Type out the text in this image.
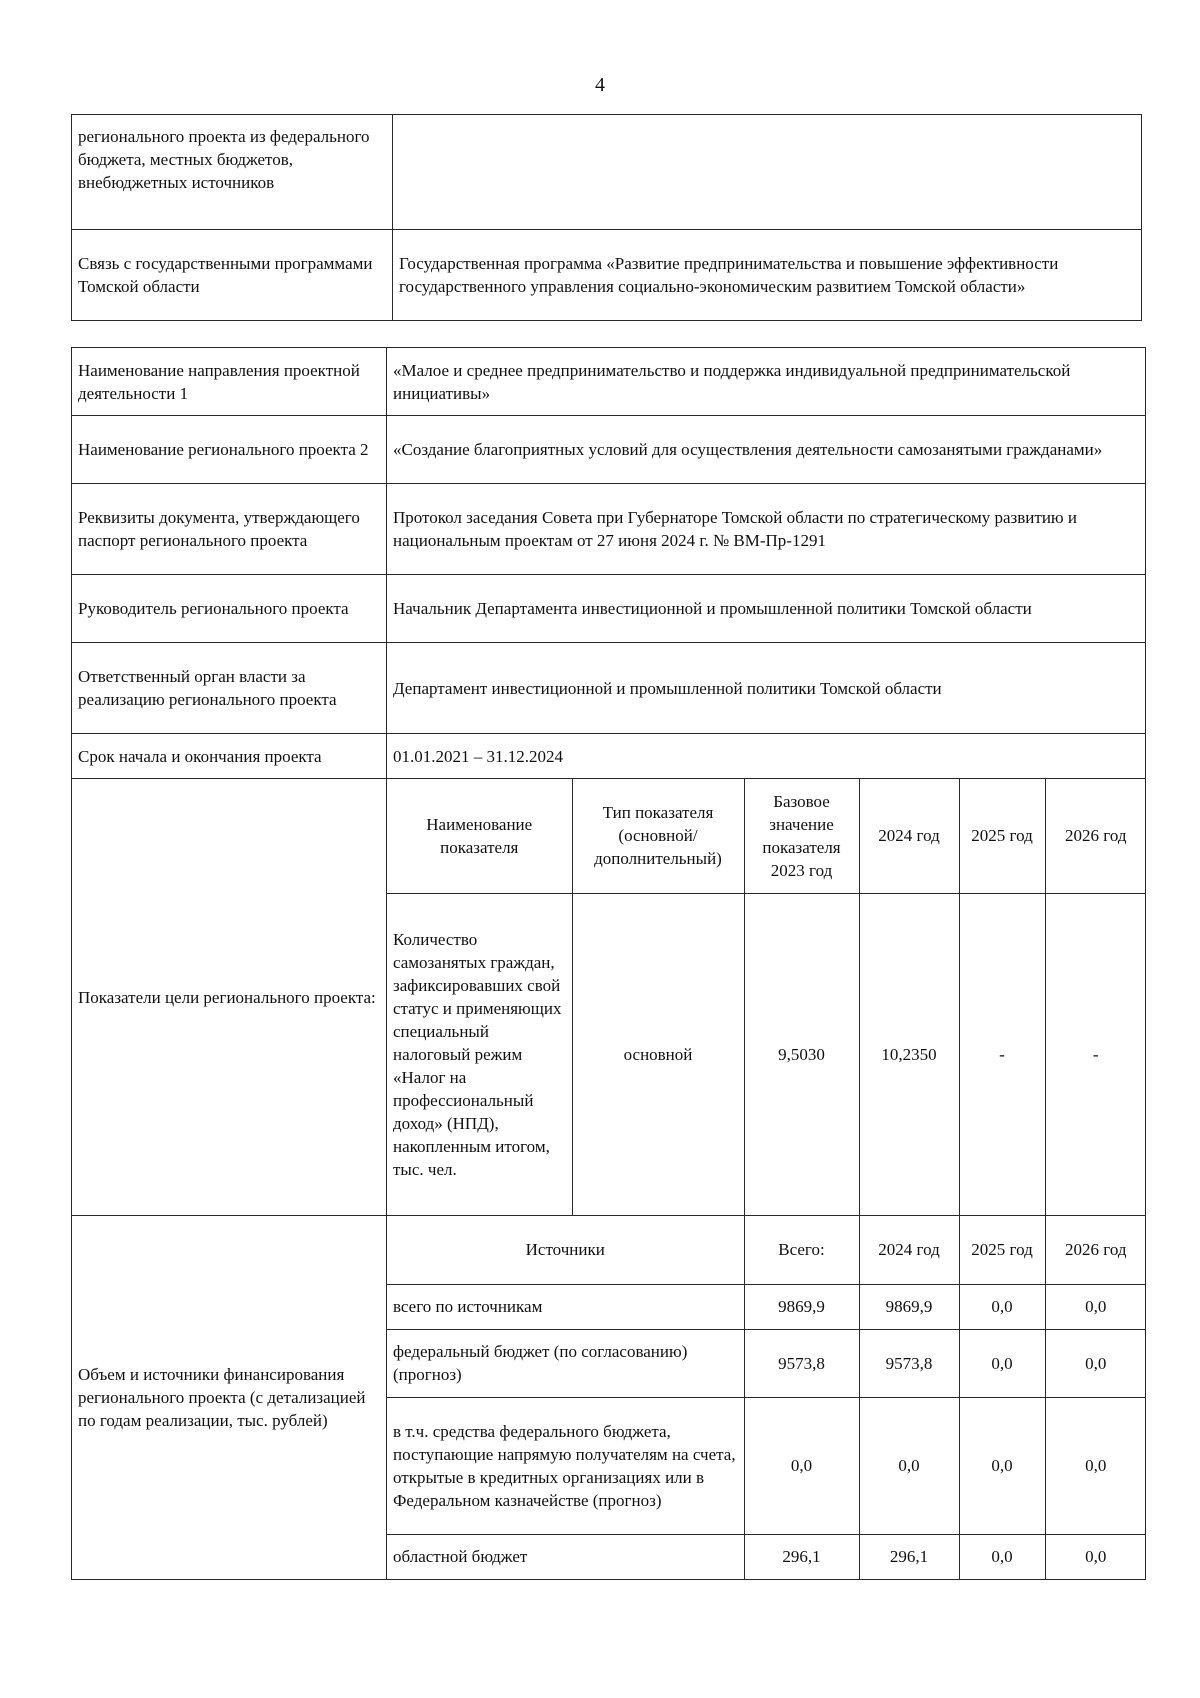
4
регионального проекта из федерального бюджета, местных бюджетов, внебюджетных источников	
Связь с государственными программами Томской области	Государственная программа «Развитие предпринимательства и повышение эффективности государственного управления социально-экономическим развитием Томской области»
Наименование направления проектной деятельности 1	«Малое и среднее предпринимательство и поддержка индивидуальной предпринимательской инициативы»
Наименование регионального проекта 2	«Создание благоприятных условий для осуществления деятельности самозанятыми гражданами»
Реквизиты документа, утверждающего паспорт регионального проекта	Протокол заседания Совета при Губернаторе Томской области по стратегическому развитию и национальным проектам от 27 июня 2024 г. № ВМ-Пр-1291
Руководитель регионального проекта	Начальник Департамента инвестиционной и промышленной политики Томской области
Ответственный орган власти за реализацию регионального проекта	Департамент инвестиционной и промышленной политики Томской области
Срок начала и окончания проекта	01.01.2021 – 31.12.2024
Показатели цели регионального проекта:	
Наименование показателя	Тип показателя (основной/ дополнительный)	Базовое значение показателя 2023 год	2024 год	2025 год	2026 год
Количество самозанятых граждан, зафиксировавших свой статус и применяющих специальный налоговый режим «Налог на профессиональный доход» (НПД), накопленным итогом, тыс. чел.	основной	9,5030	10,2350	-	-

Объем и источники финансирования регионального проекта (с детализацией по годам реализации, тыс. рублей)	
Источники	Всего:	2024 год	2025 год	2026 год
всего по источникам	9869,9	9869,9	0,0	0,0
федеральный бюджет (по согласованию) (прогноз)	9573,8	9573,8	0,0	0,0
в т.ч. средства федерального бюджета, поступающие напрямую получателям на счета, открытые в кредитных организациях или в Федеральном казначействе (прогноз)	0,0	0,0	0,0	0,0
областной бюджет	296,1	296,1	0,0	0,0
